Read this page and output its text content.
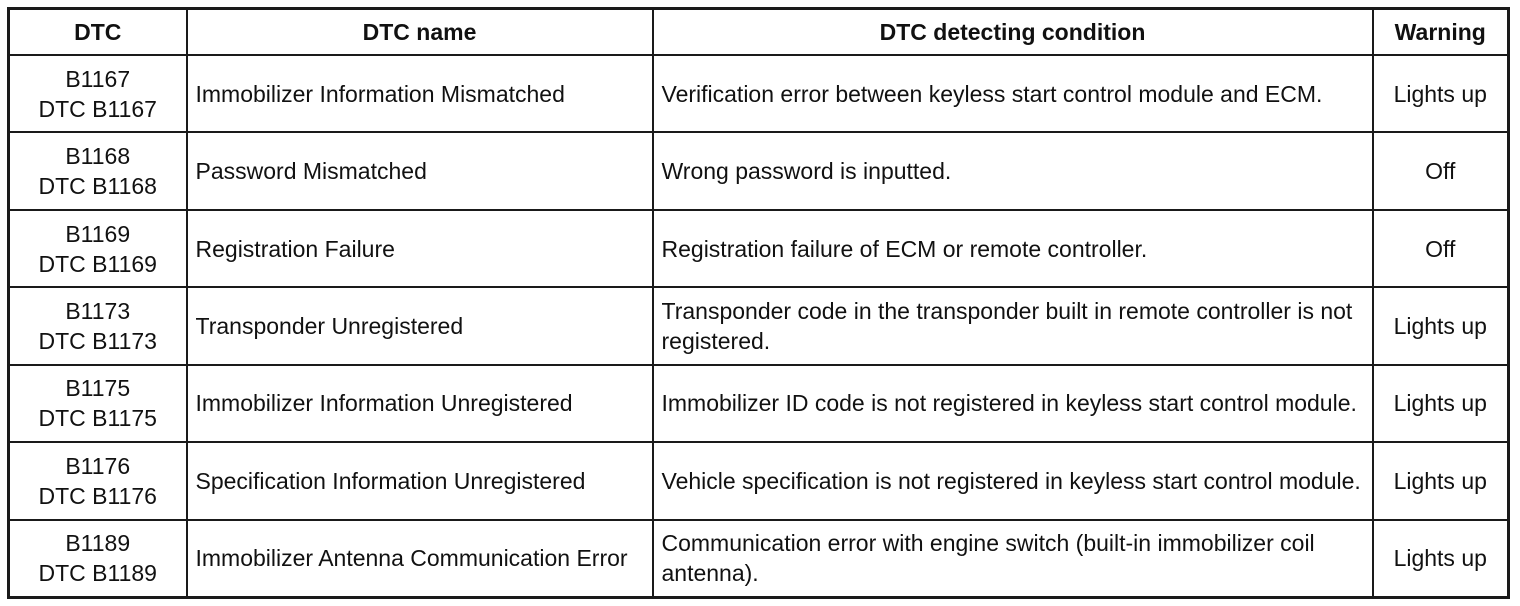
DTC	DTC name	DTC detecting condition	Warning

B1167
DTC B1167	Immobilizer Information Mismatched	Verification error between keyless start control module and ECM.	Lights up

B1168
DTC B1168	Password Mismatched	Wrong password is inputted.	Off

B1169
DTC B1169	Registration Failure	Registration failure of ECM or remote controller.	Off

B1173
DTC B1173	Transponder Unregistered	Transponder code in the transponder built in remote controller is not registered.	Lights up

B1175
DTC B1175	Immobilizer Information Unregistered	Immobilizer ID code is not registered in keyless start control module.	Lights up

B1176
DTC B1176	Specification Information Unregistered	Vehicle specification is not registered in keyless start control module.	Lights up

B1189
DTC B1189	Immobilizer Antenna Communication Error	Communication error with engine switch (built-in immobilizer coil antenna).	Lights up
